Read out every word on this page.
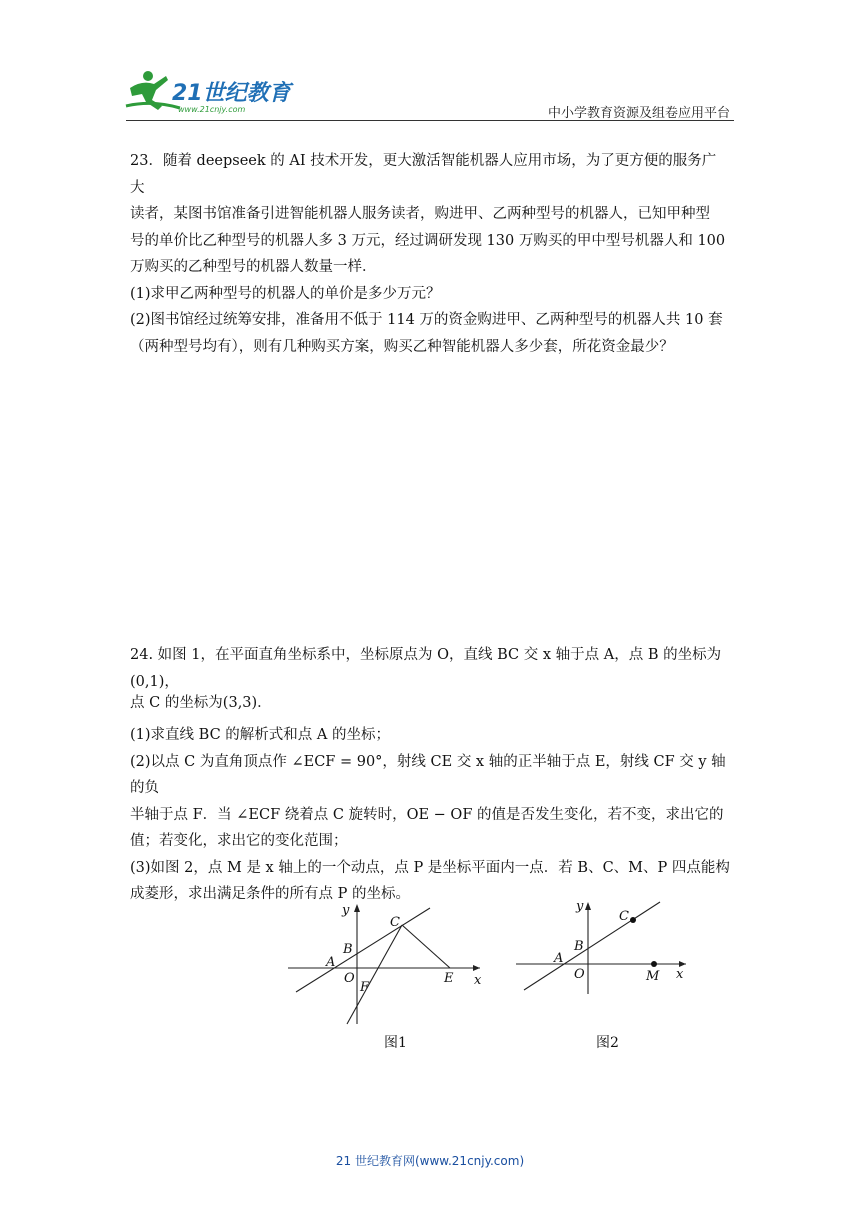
21世纪教育
www.21cnjy.com	中小学教育资源及组卷应用平台

23．随着 deepseek 的 AI 技术开发，更大激活智能机器人应用市场，为了更方便的服务广大

读者，某图书馆准备引进智能机器人服务读者，购进甲、乙两种型号的机器人，已知甲种型

号的单价比乙种型号的机器人多 3 万元，经过调研发现 130 万购买的甲中型号机器人和 100

万购买的乙种型号的机器人数量一样．

(1)求甲乙两种型号的机器人的单价是多少万元？

(2)图书馆经过统筹安排，准备用不低于 114 万的资金购进甲、乙两种型号的机器人共 10 套

（两种型号均有），则有几种购买方案，购买乙种智能机器人多少套，所花资金最少？

24. 如图 1，在平面直角坐标系中，坐标原点为 O，直线 BC 交 x 轴于点 A，点 B 的坐标为(0,1)，

点 C 的坐标为(3,3)．

(1)求直线 BC 的解析式和点 A 的坐标；

(2)以点 C 为直角顶点作 ∠ECF = 90°，射线 CE 交 x 轴的正半轴于点 E，射线 CF 交 y 轴的负

半轴于点 F．当 ∠ECF 绕着点 C 旋转时，OE − OF 的值是否发生变化，若不变，求出它的

值；若变化，求出它的变化范围；

(3)如图 2，点 M 是 x 轴上的一个动点，点 P 是坐标平面内一点．若 B、C、M、P 四点能构

成菱形，求出满足条件的所有点 P 的坐标。

y
x
C
B
A
O
F
E
图1
y
x
C
B
A
O	M
图2
21 世纪教育网(www.21cnjy.com)
